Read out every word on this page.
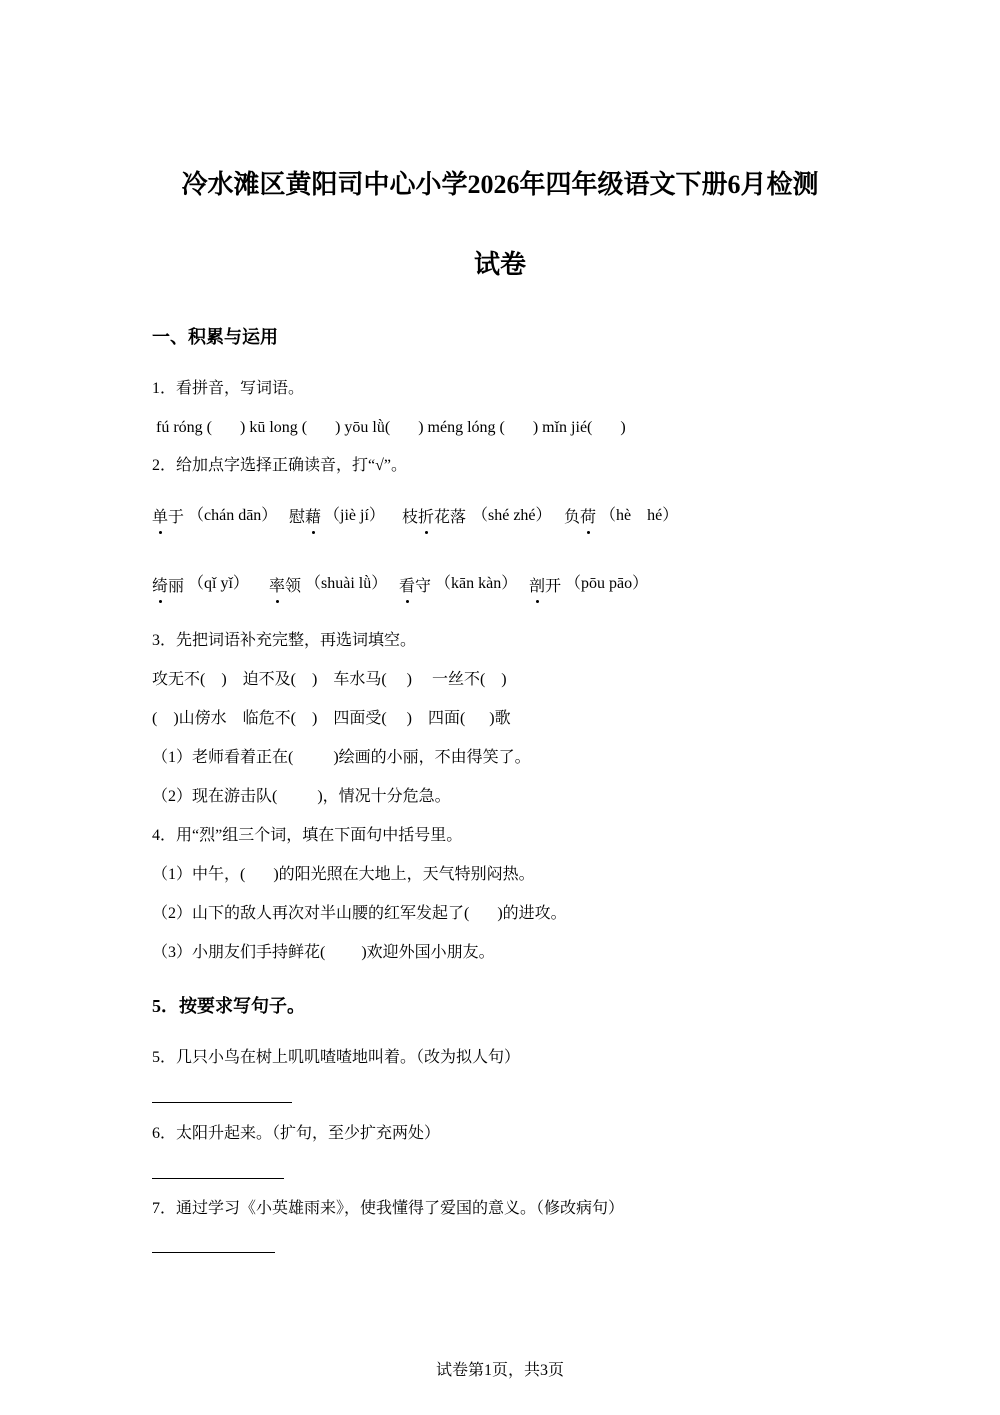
冷水滩区黄阳司中心小学2026年四年级语文下册6月检测
试卷
一、积累与运用
1．看拼音，写词语。
fú róng (       ) kū long (       ) yōu lǜ(       ) méng lóng (       ) mǐn jié(       )
2．给加点字选择正确读音，打“√”。
单于 （chán dān） 慰藉 （jiè jí） 枝折花落 （shé zhé） 负荷 （hè　hé）
绮丽 （qǐ yǐ） 率领 （shuài lǜ） 看守 （kān kàn） 剖开 （pōu pāo）
3．先把词语补充完整，再选词填空。
攻无不(    )    迫不及(    )    车水马(     )     一丝不(    )
(    )山傍水    临危不(    )    四面受(     )    四面(      )歌
（1）老师看着正在(          )绘画的小丽，不由得笑了。
（2）现在游击队(          )，情况十分危急。
4．用“烈”组三个词，填在下面句中括号里。
（1）中午，(       )的阳光照在大地上，天气特别闷热。
（2）山下的敌人再次对半山腰的红军发起了(       )的进攻。
（3）小朋友们手持鲜花(         )欢迎外国小朋友。
5．按要求写句子。
5．几只小鸟在树上叽叽喳喳地叫着。（改为拟人句）
6．太阳升起来。（扩句，至少扩充两处）
7．通过学习《小英雄雨来》，使我懂得了爱国的意义。（修改病句）
试卷第1页，共3页
